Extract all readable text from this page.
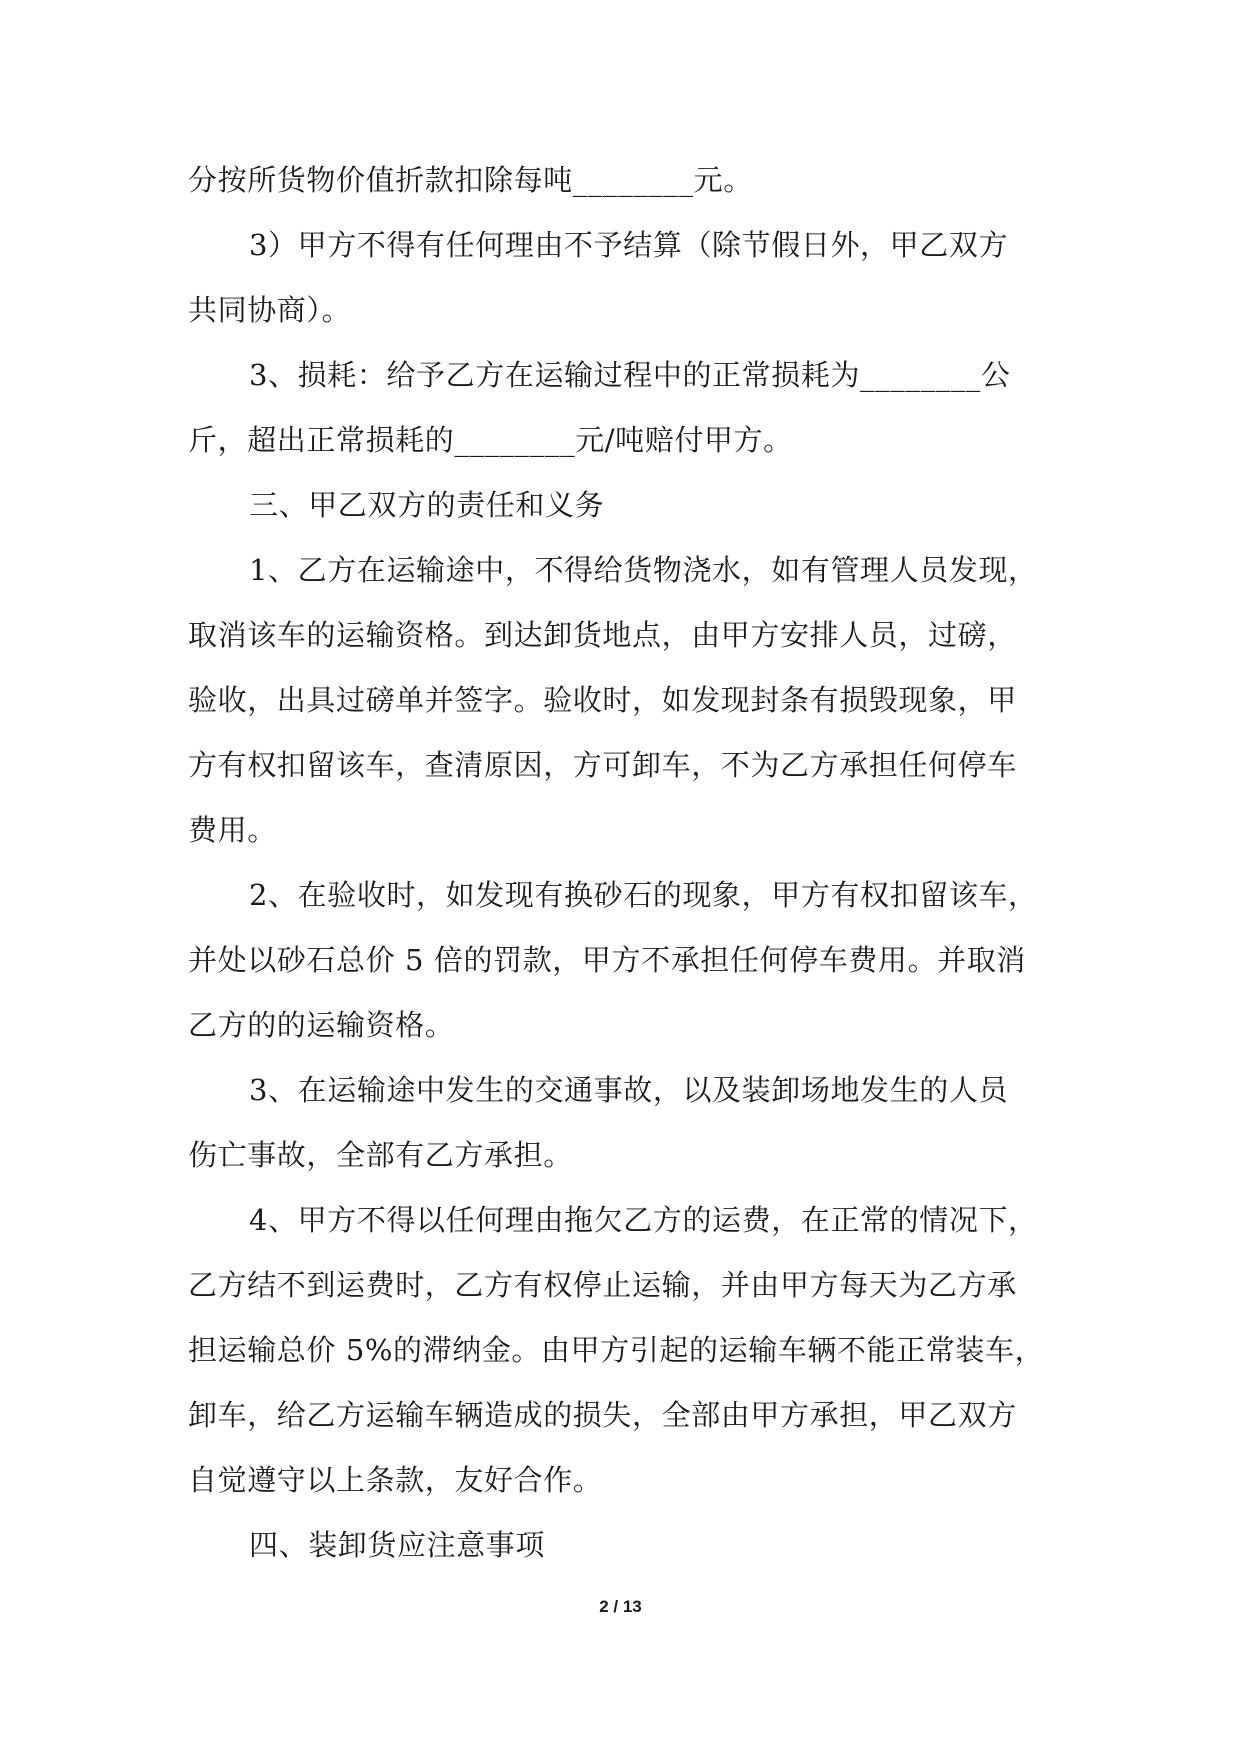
分按所货物价值折款扣除每吨________元。
3）甲方不得有任何理由不予结算（除节假日外，甲乙双方
共同协商）。
3、损耗：给予乙方在运输过程中的正常损耗为________公
斤，超出正常损耗的________元/吨赔付甲方。
三、甲乙双方的责任和义务
1、乙方在运输途中，不得给货物浇水，如有管理人员发现，
取消该车的运输资格。到达卸货地点，由甲方安排人员，过磅，
验收，出具过磅单并签字。验收时，如发现封条有损毁现象，甲
方有权扣留该车，查清原因，方可卸车，不为乙方承担任何停车
费用。
2、在验收时，如发现有换砂石的现象，甲方有权扣留该车，
并处以砂石总价 5 倍的罚款，甲方不承担任何停车费用。并取消
乙方的的运输资格。
3、在运输途中发生的交通事故，以及装卸场地发生的人员
伤亡事故，全部有乙方承担。
4、甲方不得以任何理由拖欠乙方的运费，在正常的情况下，
乙方结不到运费时，乙方有权停止运输，并由甲方每天为乙方承
担运输总价 5%的滞纳金。由甲方引起的运输车辆不能正常装车，
卸车，给乙方运输车辆造成的损失，全部由甲方承担，甲乙双方
自觉遵守以上条款，友好合作。
四、装卸货应注意事项
2 / 13
